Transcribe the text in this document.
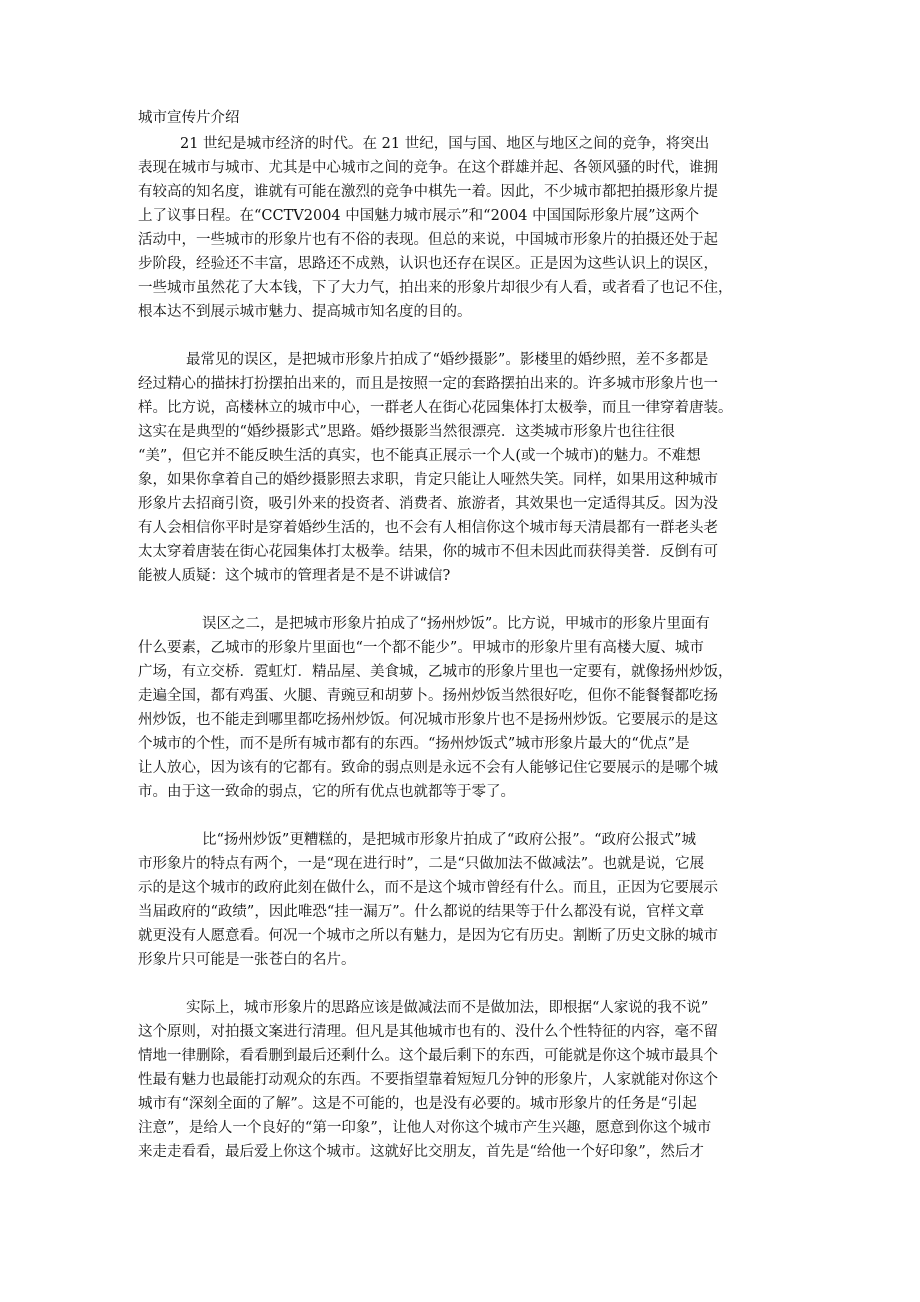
城市宣传片介绍
21 世纪是城市经济的时代。在 21 世纪，国与国、地区与地区之间的竞争，将突出
表现在城市与城市、尤其是中心城市之间的竞争。在这个群雄并起、各领风骚的时代，谁拥
有较高的知名度，谁就有可能在激烈的竞争中棋先一着。因此，不少城市都把拍摄形象片提
上了议事日程。在“CCTV2004 中国魅力城市展示”和“2004 中国国际形象片展”这两个
活动中，一些城市的形象片也有不俗的表现。但总的来说，中国城市形象片的拍摄还处于起
步阶段，经验还不丰富，思路还不成熟，认识也还存在误区。正是因为这些认识上的误区，
一些城市虽然花了大本钱，下了大力气，拍出来的形象片却很少有人看，或者看了也记不住，
根本达不到展示城市魅力、提高城市知名度的目的。
最常见的误区，是把城市形象片拍成了“婚纱摄影”。影楼里的婚纱照，差不多都是
经过精心的描抹打扮摆拍出来的，而且是按照一定的套路摆拍出来的。许多城市形象片也一
样。比方说，高楼林立的城市中心，一群老人在街心花园集体打太极拳，而且一律穿着唐装。
这实在是典型的“婚纱摄影式”思路。婚纱摄影当然很漂亮．这类城市形象片也往往很
“美”，但它并不能反映生活的真实，也不能真正展示一个人(或一个城市)的魅力。不难想
象，如果你拿着自己的婚纱摄影照去求职，肯定只能让人哑然失笑。同样，如果用这种城市
形象片去招商引资，吸引外来的投资者、消费者、旅游者，其效果也一定适得其反。因为没
有人会相信你平时是穿着婚纱生活的，也不会有人相信你这个城市每天清晨都有一群老头老
太太穿着唐装在街心花园集体打太极拳。结果，你的城市不但未因此而获得美誉．反倒有可
能被人质疑：这个城市的管理者是不是不讲诚信?
误区之二，是把城市形象片拍成了“扬州炒饭”。比方说，甲城市的形象片里面有
什么要素，乙城市的形象片里面也“一个都不能少”。甲城市的形象片里有高楼大厦、城市
广场，有立交桥．霓虹灯．精品屋、美食城，乙城市的形象片里也一定要有，就像扬州炒饭，
走遍全国，都有鸡蛋、火腿、青豌豆和胡萝卜。扬州炒饭当然很好吃，但你不能餐餐都吃扬
州炒饭，也不能走到哪里都吃扬州炒饭。何况城市形象片也不是扬州炒饭。它要展示的是这
个城市的个性，而不是所有城市都有的东西。“扬州炒饭式”城市形象片最大的“优点”是
让人放心，因为该有的它都有。致命的弱点则是永远不会有人能够记住它要展示的是哪个城
市。由于这一致命的弱点，它的所有优点也就都等于零了。
比“扬州炒饭”更糟糕的，是把城市形象片拍成了“政府公报”。“政府公报式”城
市形象片的特点有两个，一是“现在进行时”，二是“只做加法不做减法”。也就是说，它展
示的是这个城市的政府此刻在做什么，而不是这个城市曾经有什么。而且，正因为它要展示
当届政府的“政绩”，因此唯恐“挂一漏万”。什么都说的结果等于什么都没有说，官样文章
就更没有人愿意看。何况一个城市之所以有魅力，是因为它有历史。割断了历史文脉的城市
形象片只可能是一张苍白的名片。
实际上，城市形象片的思路应该是做减法而不是做加法，即根据“人家说的我不说”
这个原则，对拍摄文案进行清理。但凡是其他城市也有的、没什么个性特征的内容，毫不留
情地一律删除，看看删到最后还剩什么。这个最后剩下的东西，可能就是你这个城市最具个
性最有魅力也最能打动观众的东西。不要指望靠着短短几分钟的形象片，人家就能对你这个
城市有“深刻全面的了解”。这是不可能的，也是没有必要的。城市形象片的任务是“引起
注意”，是给人一个良好的“第一印象”，让他人对你这个城市产生兴趣，愿意到你这个城市
来走走看看，最后爱上你这个城市。这就好比交朋友，首先是“给他一个好印象”，然后才
